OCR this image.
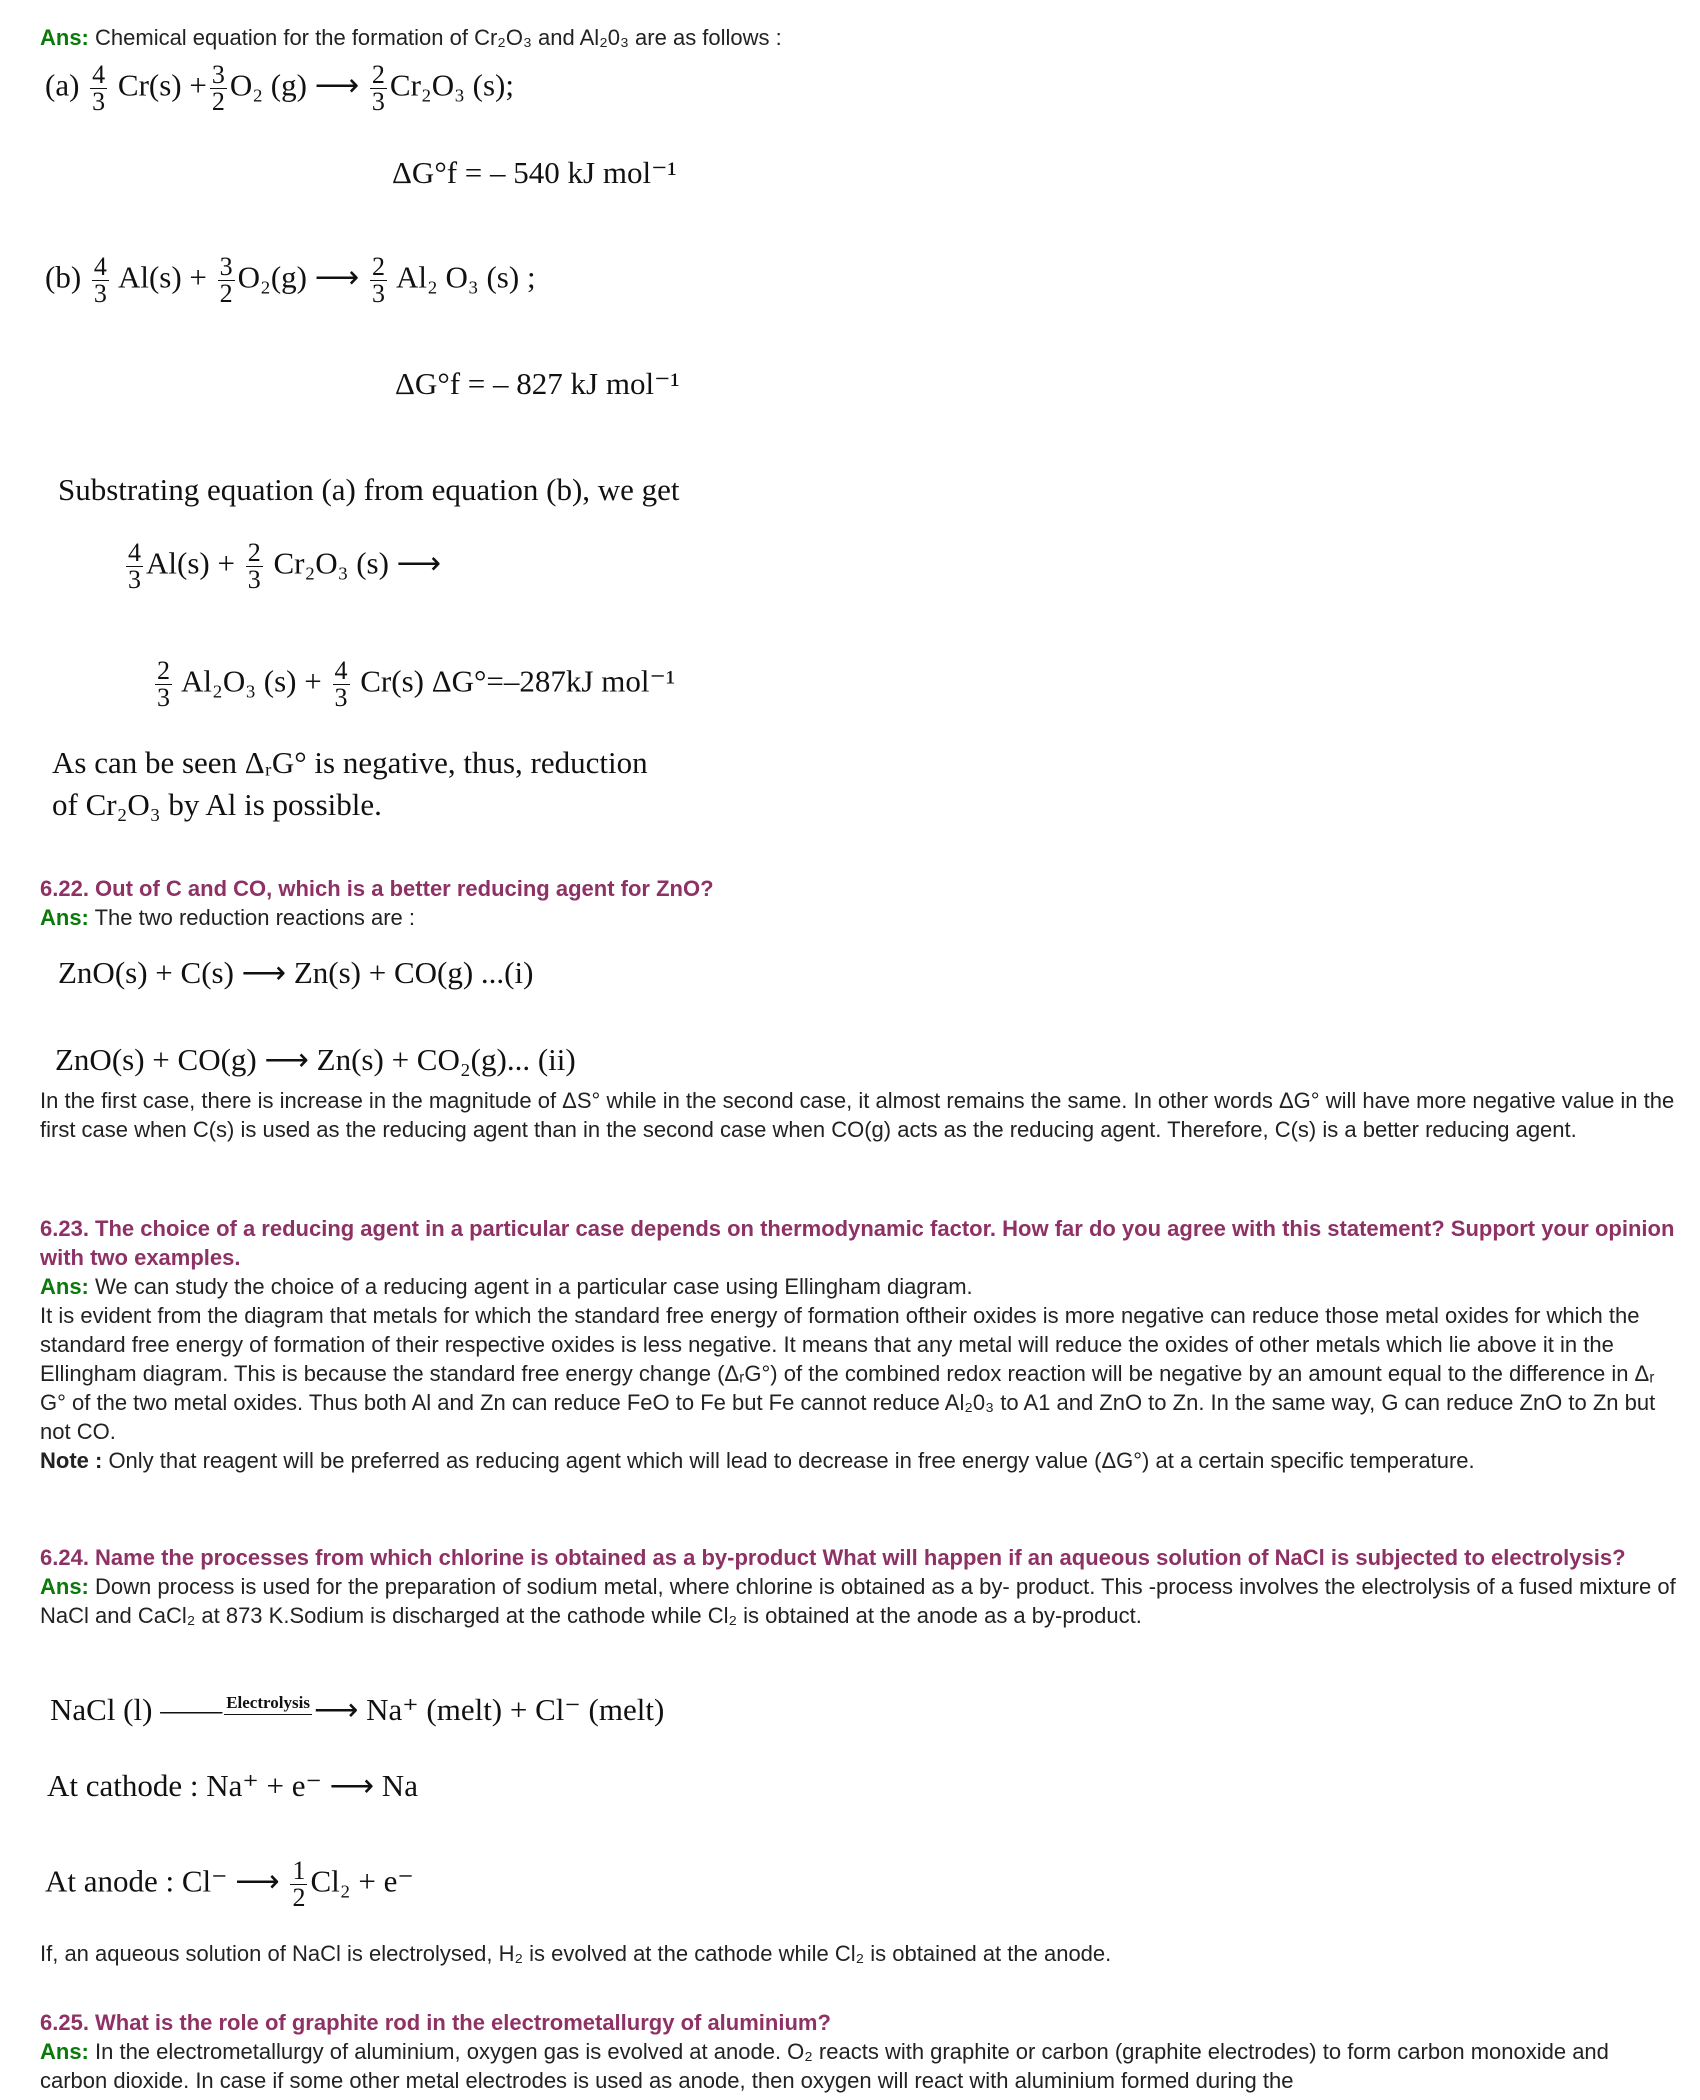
Ans: Chemical equation for the formation of Cr₂O₃ and Al₂0₃ are as follows :
$(a) \frac{4}{3} Cr(s) + \frac{3}{2} O_2$ (g) ⟶ $\frac{2}{3} Cr_2O_3$ (s);
ΔG°f = – 540 kJ mol⁻¹
$(b) \frac{4}{3} Al(s) + \frac{3}{2} O_2(g)$ ⟶ $\frac{2}{3} Al_2$ O₃ (s) ;
ΔG°f = – 827 kJ mol⁻¹
Substrating equation (a) from equation (b), we get
$\frac{4}{3} Al(s) + \frac{2}{3} Cr_2O_3$ (s) ⟶
$\frac{2}{3} Al_2O_3$ $(s) + \frac{4}{3} Cr(s)$ ΔG°=–287kJ mol⁻¹
As can be seen ΔᵣG° is negative, thus, reduction
of Cr₂O₃ by Al is possible.
6.22. Out of C and CO, which is a better reducing agent for ZnO?
Ans: The two reduction reactions are :
ZnO(s) + C(s) ⟶ Zn(s) + CO(g) ...(i)
ZnO(s) + CO(g) ⟶ Zn(s) + CO₂(g)... (ii)
In the first case, there is increase in the magnitude of ΔS° while in the second case, it almost remains the same. In other words ΔG° will have more negative value in the first case when C(s) is used as the reducing agent than in the second case when CO(g) acts as the reducing agent. Therefore, C(s) is a better reducing agent.
6.23. The choice of a reducing agent in a particular case depends on thermodynamic factor. How far do you agree with this statement? Support your opinion with two examples.
Ans: We can study the choice of a reducing agent in a particular case using Ellingham diagram.
It is evident from the diagram that metals for which the standard free energy of formation oftheir oxides is more negative can reduce those metal oxides for which the standard free energy of formation of their respective oxides is less negative. It means that any metal will reduce the oxides of other metals which lie above it in the Ellingham diagram. This is because the standard free energy change (ΔᵣG°) of the combined redox reaction will be negative by an amount equal to the difference in Δᵣ G° of the two metal oxides. Thus both Al and Zn can reduce FeO to Fe but Fe cannot reduce Al₂0₃ to A1 and ZnO to Zn. In the same way, G can reduce ZnO to Zn but not CO.
Note : Only that reagent will be preferred as reducing agent which will lead to decrease in free energy value (ΔG°) at a certain specific temperature.
6.24. Name the processes from which chlorine is obtained as a by-product What will happen if an aqueous solution of NaCl is subjected to electrolysis?
Ans: Down process is used for the preparation of sodium metal, where chlorine is obtained as a by- product. This -process involves the electrolysis of a fused mixture of NaCl and CaCl₂ at 873 K.Sodium is discharged at the cathode while Cl₂ is obtained at the anode as a by-product.
NaCl (l) —— Electrolysis ⟶ Na⁺ (melt) + Cl⁻ (melt)
At cathode : Na⁺ + e⁻ ⟶ Na
At anode : Cl⁻ ⟶ $\frac{1}{2} Cl_2 + e^-$
If, an aqueous solution of NaCl is electrolysed, H₂ is evolved at the cathode while Cl₂ is obtained at the anode.
6.25. What is the role of graphite rod in the electrometallurgy of aluminium?
Ans: In the electrometallurgy of aluminium, oxygen gas is evolved at anode. O₂ reacts with graphite or carbon (graphite electrodes) to form carbon monoxide and carbon dioxide. In case if some other metal electrodes is used as anode, then oxygen will react with aluminium formed during the
